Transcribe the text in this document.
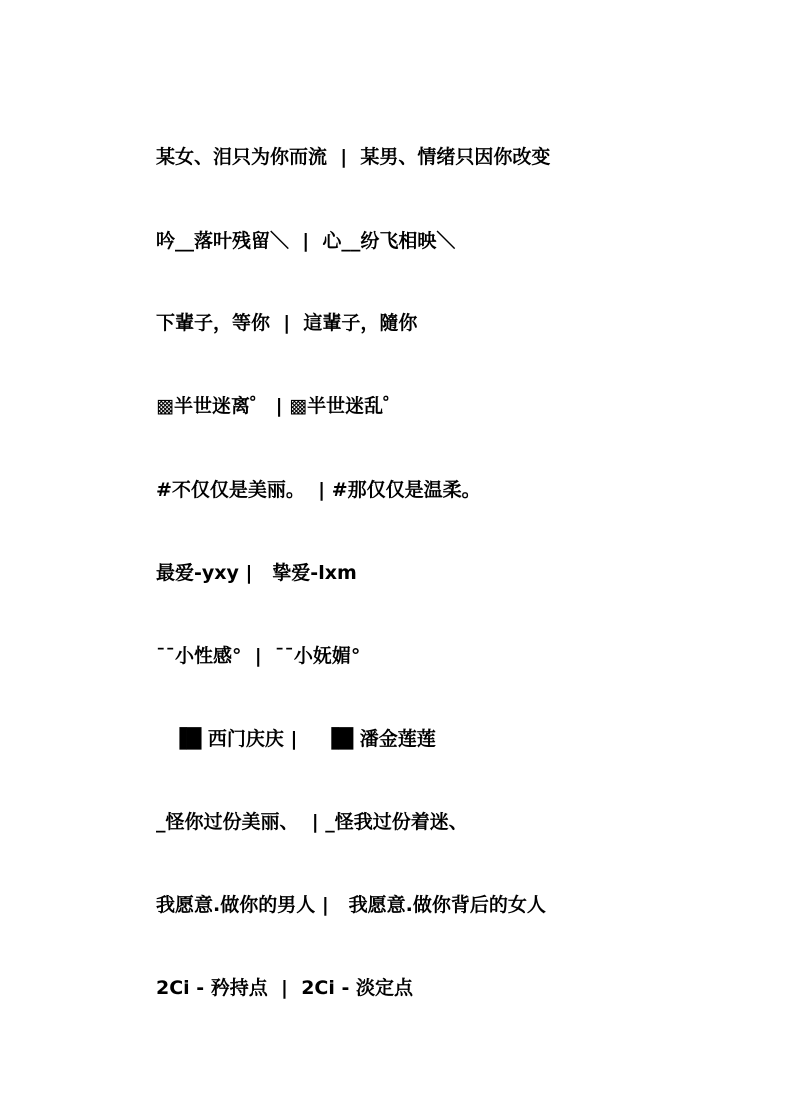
某女、泪只为你而流  |  某男、情绪只因你改变
吟__落叶残留＼  |  心__纷飞相映＼
下輩子，等你  |  這輩子，隨你
▩半世迷离゜ | ▩半世迷乱゜
#不仅仅是美丽。  | #那仅仅是温柔。
最爱-yxy |   挚爱-lxm
ˉˉ小性感°  |  ˉˉ小妩媚°
▐█ 西门庆庆 |    ▐█ 潘金莲莲
_怪你过份美丽、  | _怪我过份着迷、
我愿意.做你的男人 |   我愿意.做你背后的女人
2Ci - 矜持点  |  2Ci - 淡定点
